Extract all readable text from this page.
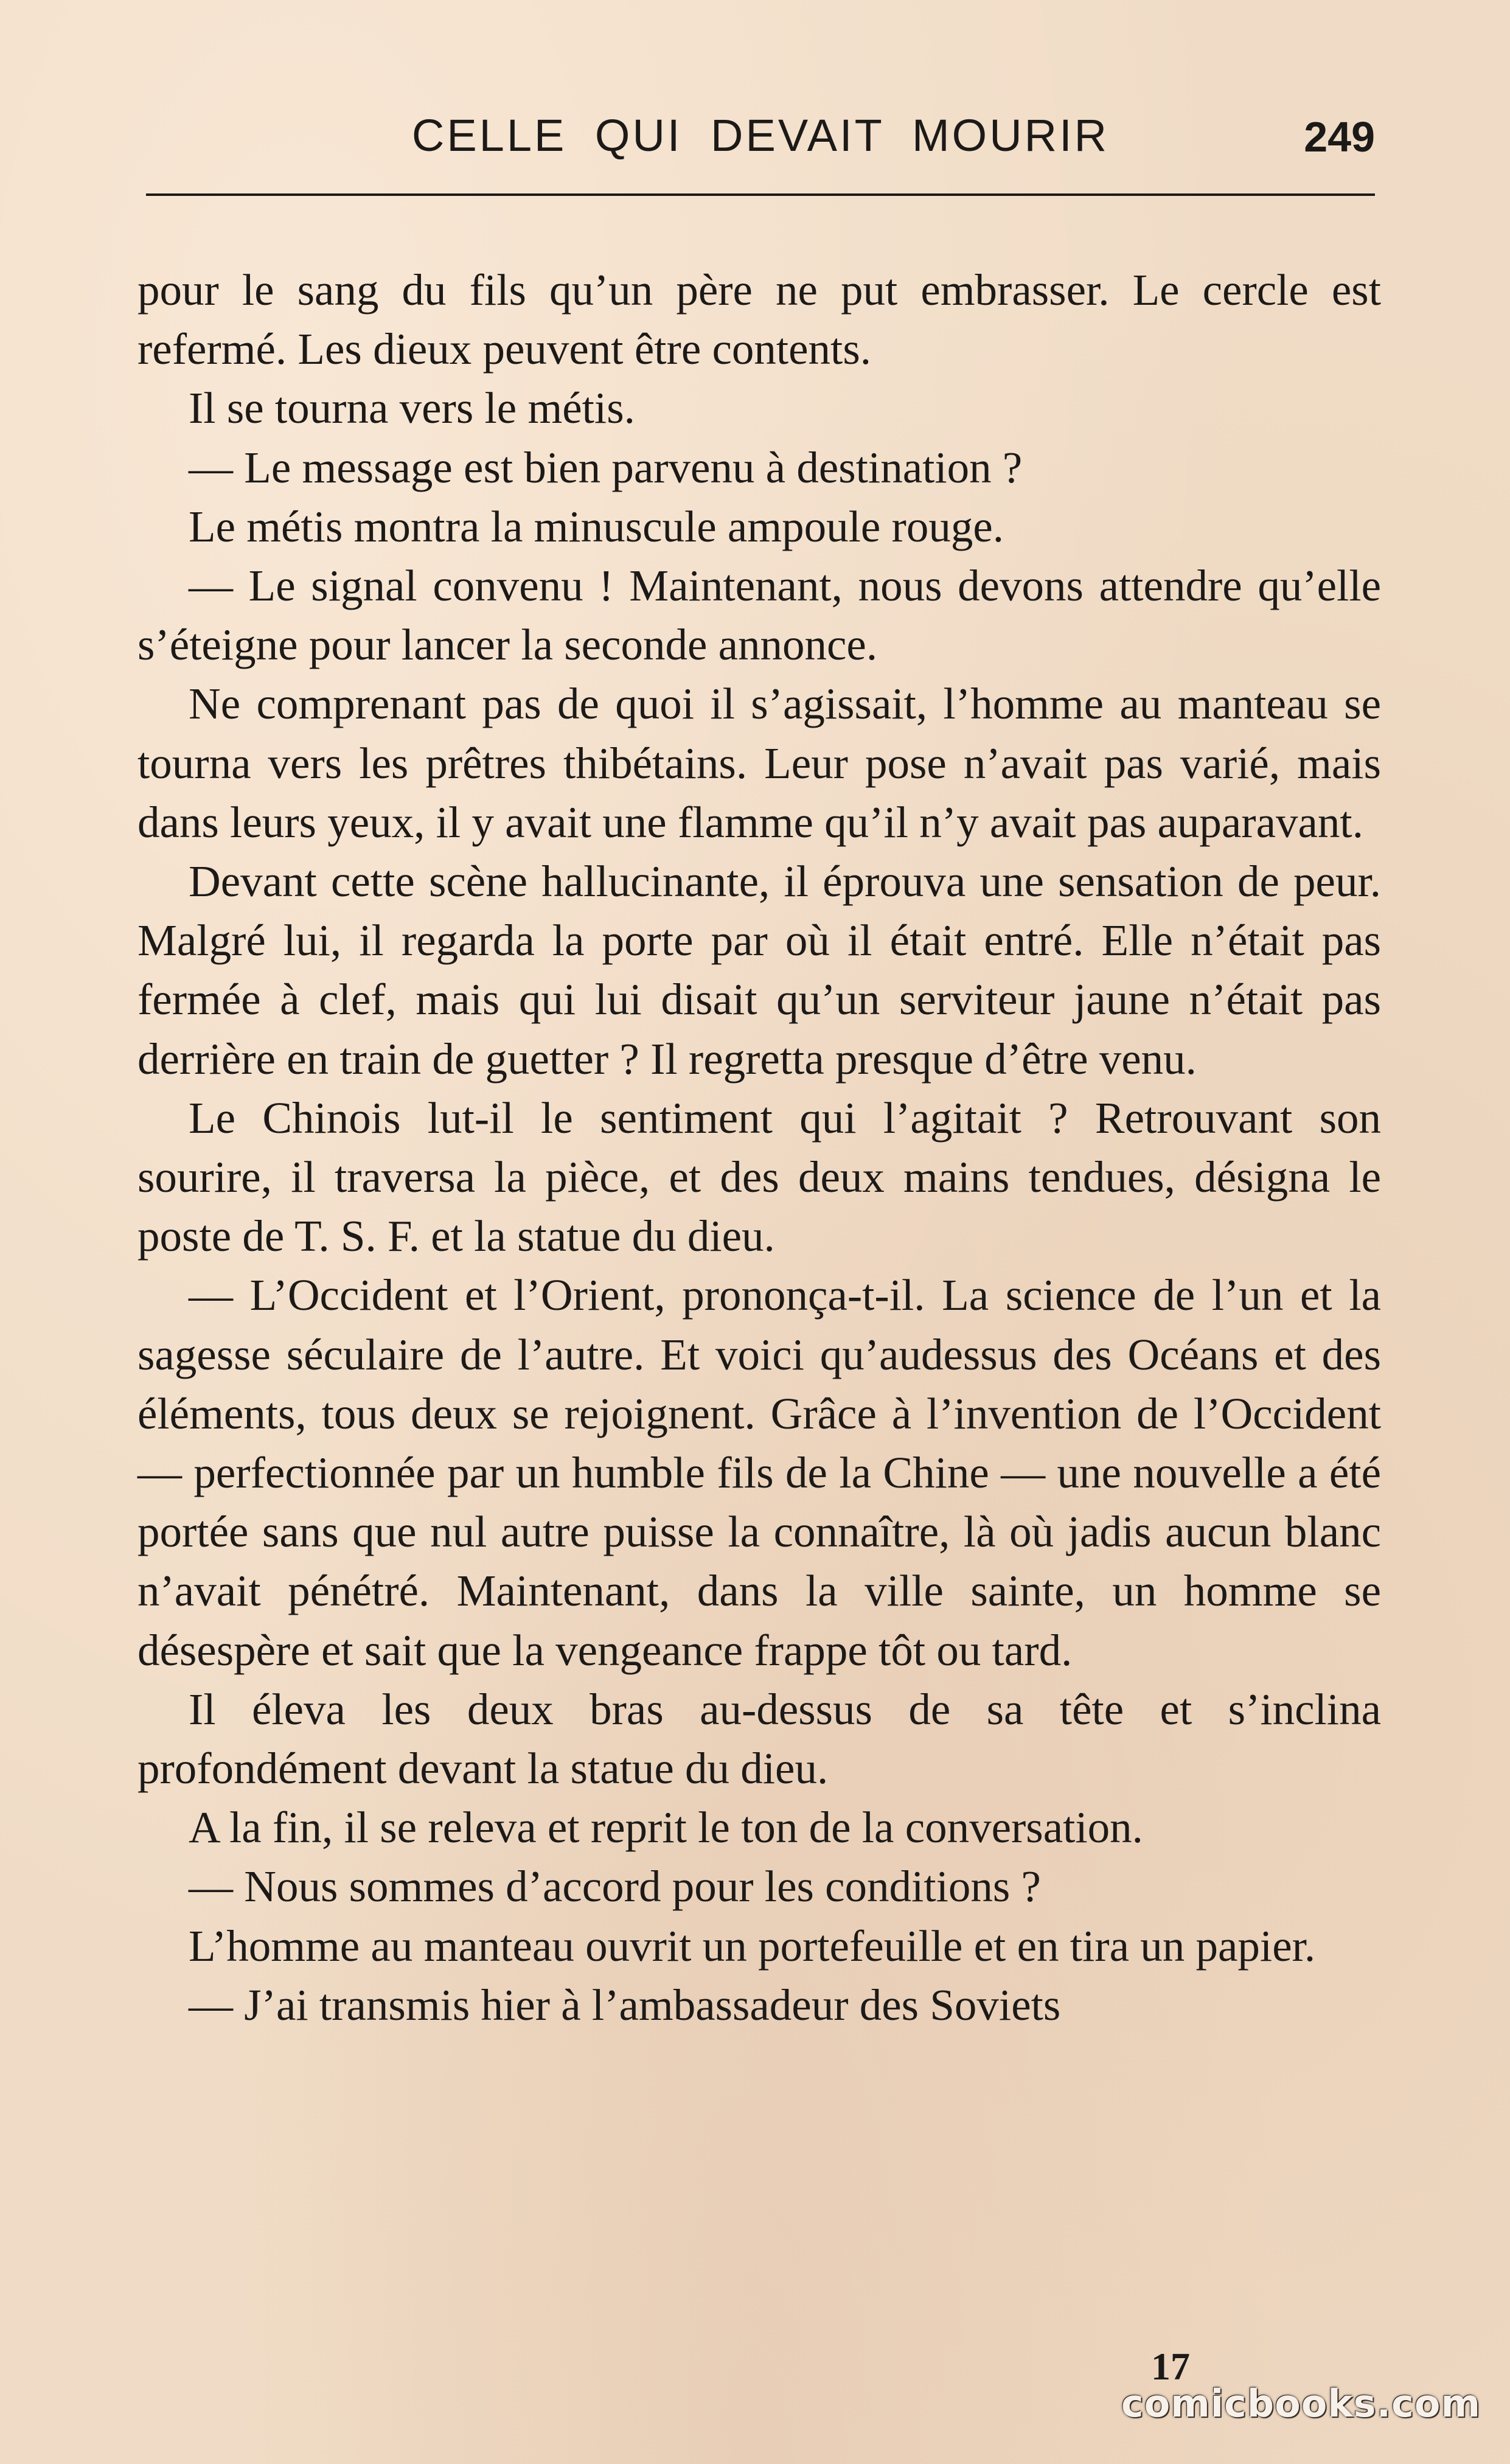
CELLE QUI DEVAIT MOURIR	249

pour le sang du fils qu’un père ne put embrasser. Le cercle est refermé. Les dieux peuvent être contents.

Il se tourna vers le métis.

— Le message est bien parvenu à destination ?

Le métis montra la minuscule ampoule rouge.

— Le signal convenu ! Maintenant, nous devons attendre qu’elle s’éteigne pour lancer la seconde annonce.

Ne comprenant pas de quoi il s’agissait, l’homme au manteau se tourna vers les prêtres thibétains. Leur pose n’avait pas varié, mais dans leurs yeux, il y avait une flamme qu’il n’y avait pas auparavant.

Devant cette scène hallucinante, il éprouva une sensation de peur. Malgré lui, il regarda la porte par où il était entré. Elle n’était pas fermée à clef, mais qui lui disait qu’un serviteur jaune n’était pas derrière en train de guetter ? Il regretta presque d’être venu.

Le Chinois lut-il le sentiment qui l’agitait ? Retrouvant son sourire, il traversa la pièce, et des deux mains tendues, désigna le poste de T. S. F. et la statue du dieu.

— L’Occident et l’Orient, prononça-t-il. La science de l’un et la sagesse séculaire de l’autre. Et voici qu’audessus des Océans et des éléments, tous deux se rejoignent. Grâce à l’invention de l’Occident — perfectionnée par un humble fils de la Chine — une nouvelle a été portée sans que nul autre puisse la connaître, là où jadis aucun blanc n’avait pénétré. Maintenant, dans la ville sainte, un homme se désespère et sait que la vengeance frappe tôt ou tard.

Il éleva les deux bras au-dessus de sa tête et s’inclina profondément devant la statue du dieu.

A la fin, il se releva et reprit le ton de la conversation.

— Nous sommes d’accord pour les conditions ?

L’homme au manteau ouvrit un portefeuille et en tira un papier.

— J’ai transmis hier à l’ambassadeur des Soviets

17
comicbooks.com
